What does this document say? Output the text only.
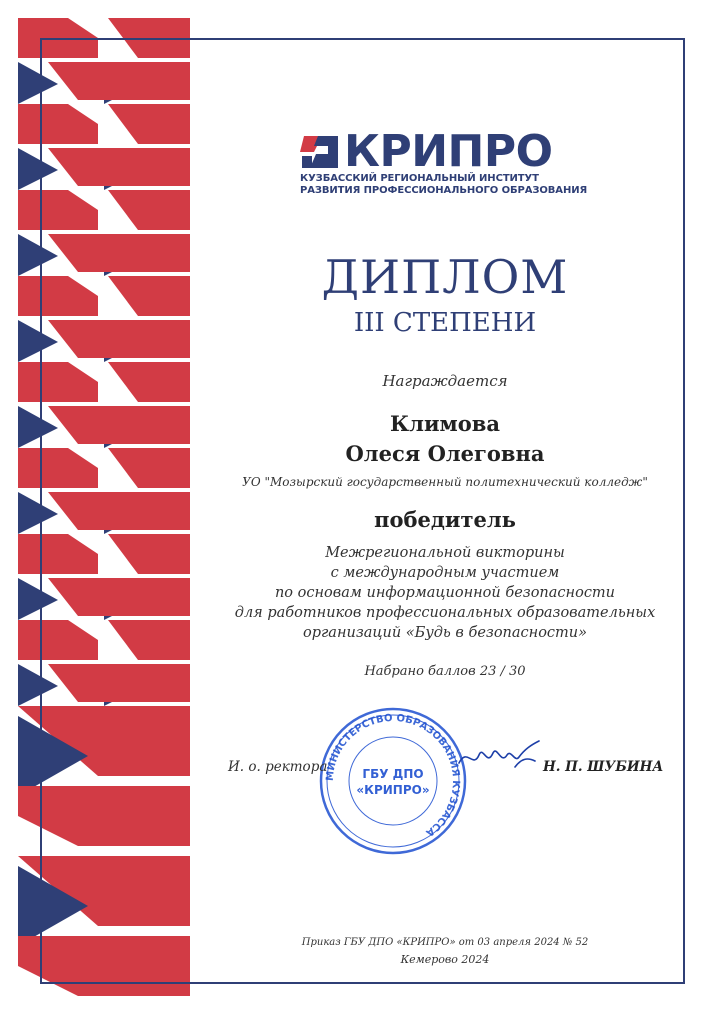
КРИПРО
КУЗБАССКИЙ РЕГИОНАЛЬНЫЙ ИНСТИТУТ
РАЗВИТИЯ ПРОФЕССИОНАЛЬНОГО ОБРАЗОВАНИЯ
ДИПЛОМ
III СТЕПЕНИ
Награждается
Климова
Олеся Олеговна
УО "Мозырский государственный политехнический колледж"
победитель
Межрегиональной викторины
с международным участием
по основам информационной безопасности
для работников профессиональных образовательных
организаций «Будь в безопасности»
Набрано баллов 23 / 30
МИНИСТЕРСТВО ОБРАЗОВАНИЯ КУЗБАССА
ГБУ ДПО
«КРИПРО»
И. о. ректора	Н. П. ШУБИНА
Приказ ГБУ ДПО «КРИПРО» от 03 апреля 2024 № 52
Кемерово 2024
